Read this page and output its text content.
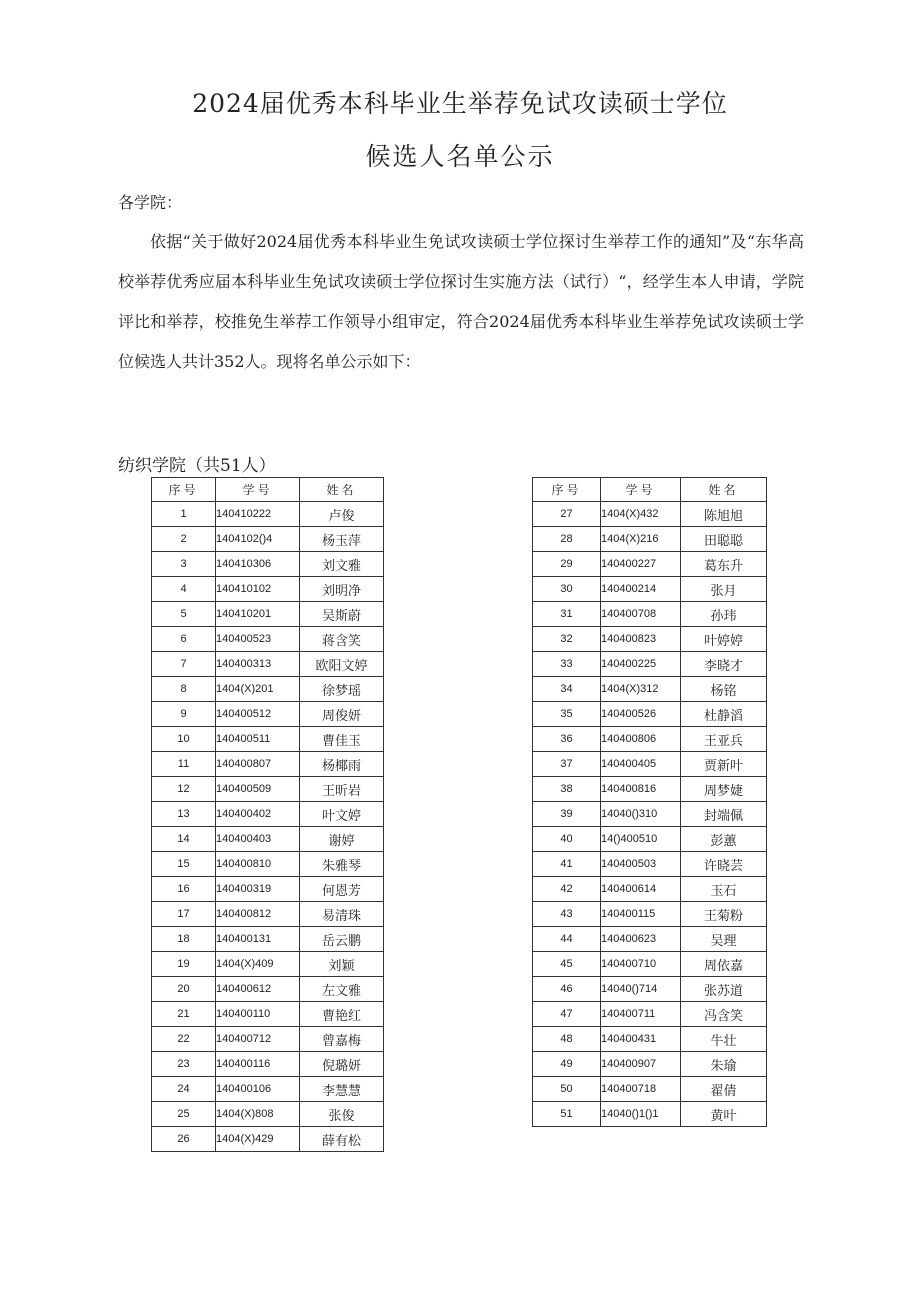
2024届优秀本科毕业生举荐免试攻读硕士学位
候选人名单公示
各学院：

依据“关于做好2024届优秀本科毕业生免试攻读硕士学位探讨生举荐工作的通知”及“东华高校举荐优秀应届本科毕业生免试攻读硕士学位探讨生实施方法（试行）“，经学生本人申请，学院评比和举荐，校推免生举荐工作领导小组审定，符合2024届优秀本科毕业生举荐免试攻读硕士学位候选人共计352人。现将名单公示如下：

纺织学院（共51人）
序号	学号	姓名
1	140410222	卢俊
2	1404102()4	杨玉萍
3	140410306	刘文雅
4	140410102	刘明净
5	140410201	吴斯蔚
6	140400523	蒋含笑
7	140400313	欧阳文婷
8	1404(X)201	徐梦瑶
9	140400512	周俊妍
10	140400511	曹佳玉
11	140400807	杨椰雨
12	140400509	王昕岩
13	140400402	叶文婷
14	140400403	谢婷
15	140400810	朱雅琴
16	140400319	何恩芳
17	140400812	易清珠
18	140400131	岳云鹏
19	1404(X)409	刘颖
20	140400612	左文雅
21	140400110	曹艳红
22	140400712	曾嘉梅
23	140400116	倪璐妍
24	140400106	李慧慧
25	1404(X)808	张俊
26	1404(X)429	薛有松
序号	学号	姓名
27	1404(X)432	陈旭旭
28	1404(X)216	田聪聪
29	140400227	葛东升
30	140400214	张月
31	140400708	孙玮
32	140400823	叶婷婷
33	140400225	李晓才
34	1404(X)312	杨铭
35	140400526	杜静滔
36	140400806	王亚兵
37	140400405	贾新叶
38	140400816	周梦婕
39	14040()310	封端佩
40	14()400510	彭蕙
41	140400503	许晓芸
42	140400614	玉石
43	140400115	王菊粉
44	140400623	吴理
45	140400710	周依嘉
46	14040()714	张苏道
47	140400711	冯含笑
48	140400431	牛壮
49	140400907	朱瑜
50	140400718	翟倩
51	14040()1()1	黄叶
